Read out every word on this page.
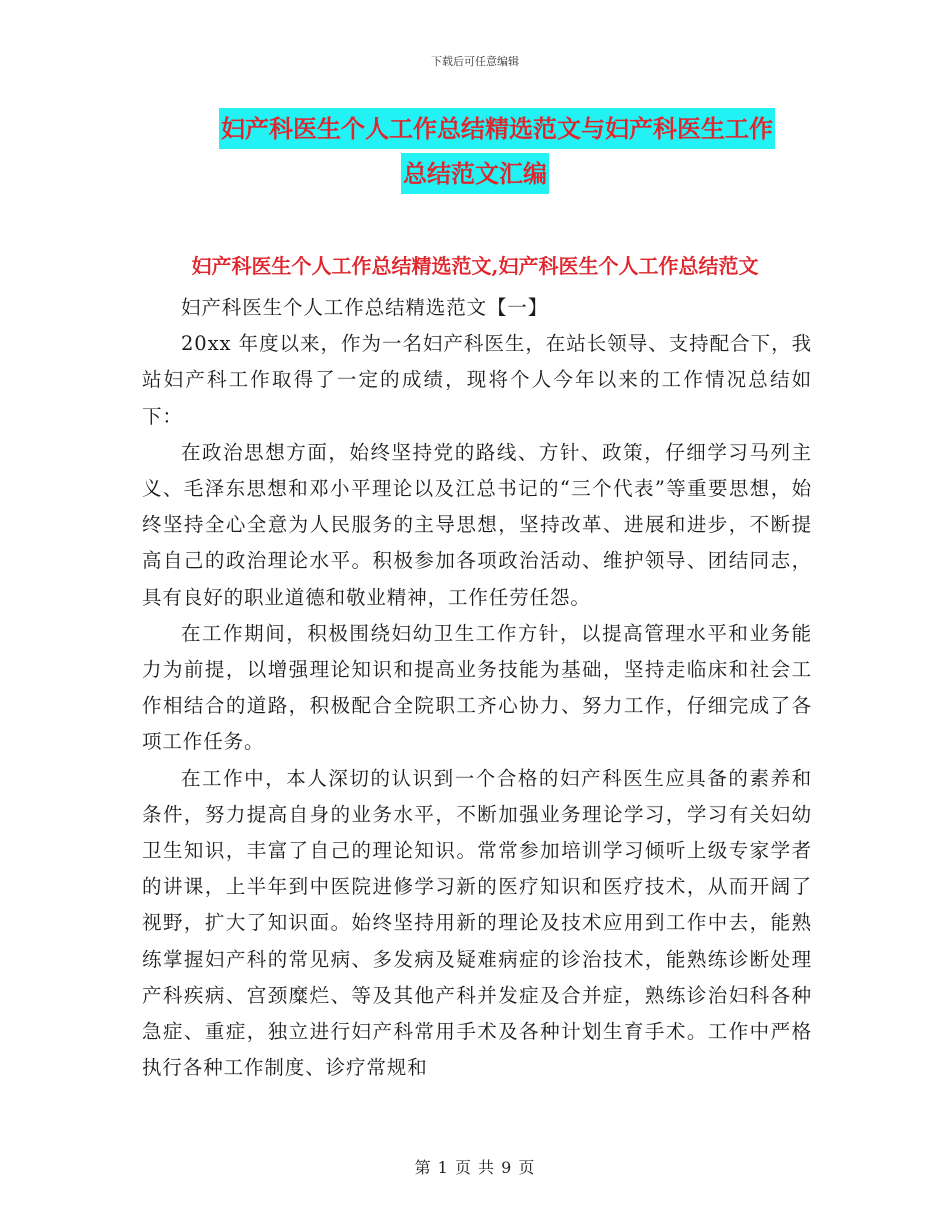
下载后可任意编辑
妇产科医生个人工作总结精选范文与妇产科医生工作
总结范文汇编
妇产科医生个人工作总结精选范文,妇产科医生个人工作总结范文

妇产科医生个人工作总结精选范文【一】

20xx 年度以来，作为一名妇产科医生，在站长领导、支持配合下，我站妇产科工作取得了一定的成绩，现将个人今年以来的工作情况总结如下：

在政治思想方面，始终坚持党的路线、方针、政策，仔细学习马列主义、毛泽东思想和邓小平理论以及江总书记的“三个代表”等重要思想，始终坚持全心全意为人民服务的主导思想，坚持改革、进展和进步，不断提高自己的政治理论水平。积极参加各项政治活动、维护领导、团结同志，具有良好的职业道德和敬业精神，工作任劳任怨。

在工作期间，积极围绕妇幼卫生工作方针，以提高管理水平和业务能力为前提，以增强理论知识和提高业务技能为基础，坚持走临床和社会工作相结合的道路，积极配合全院职工齐心协力、努力工作，仔细完成了各项工作任务。

在工作中，本人深切的认识到一个合格的妇产科医生应具备的素养和条件，努力提高自身的业务水平，不断加强业务理论学习，学习有关妇幼卫生知识，丰富了自己的理论知识。常常参加培训学习倾听上级专家学者的讲课，上半年到中医院进修学习新的医疗知识和医疗技术，从而开阔了视野，扩大了知识面。始终坚持用新的理论及技术应用到工作中去，能熟练掌握妇产科的常见病、多发病及疑难病症的诊治技术，能熟练诊断处理产科疾病、宫颈糜烂、等及其他产科并发症及合并症，熟练诊治妇科各种急症、重症，独立进行妇产科常用手术及各种计划生育手术。工作中严格执行各种工作制度、诊疗常规和

第 1 页 共 9 页
